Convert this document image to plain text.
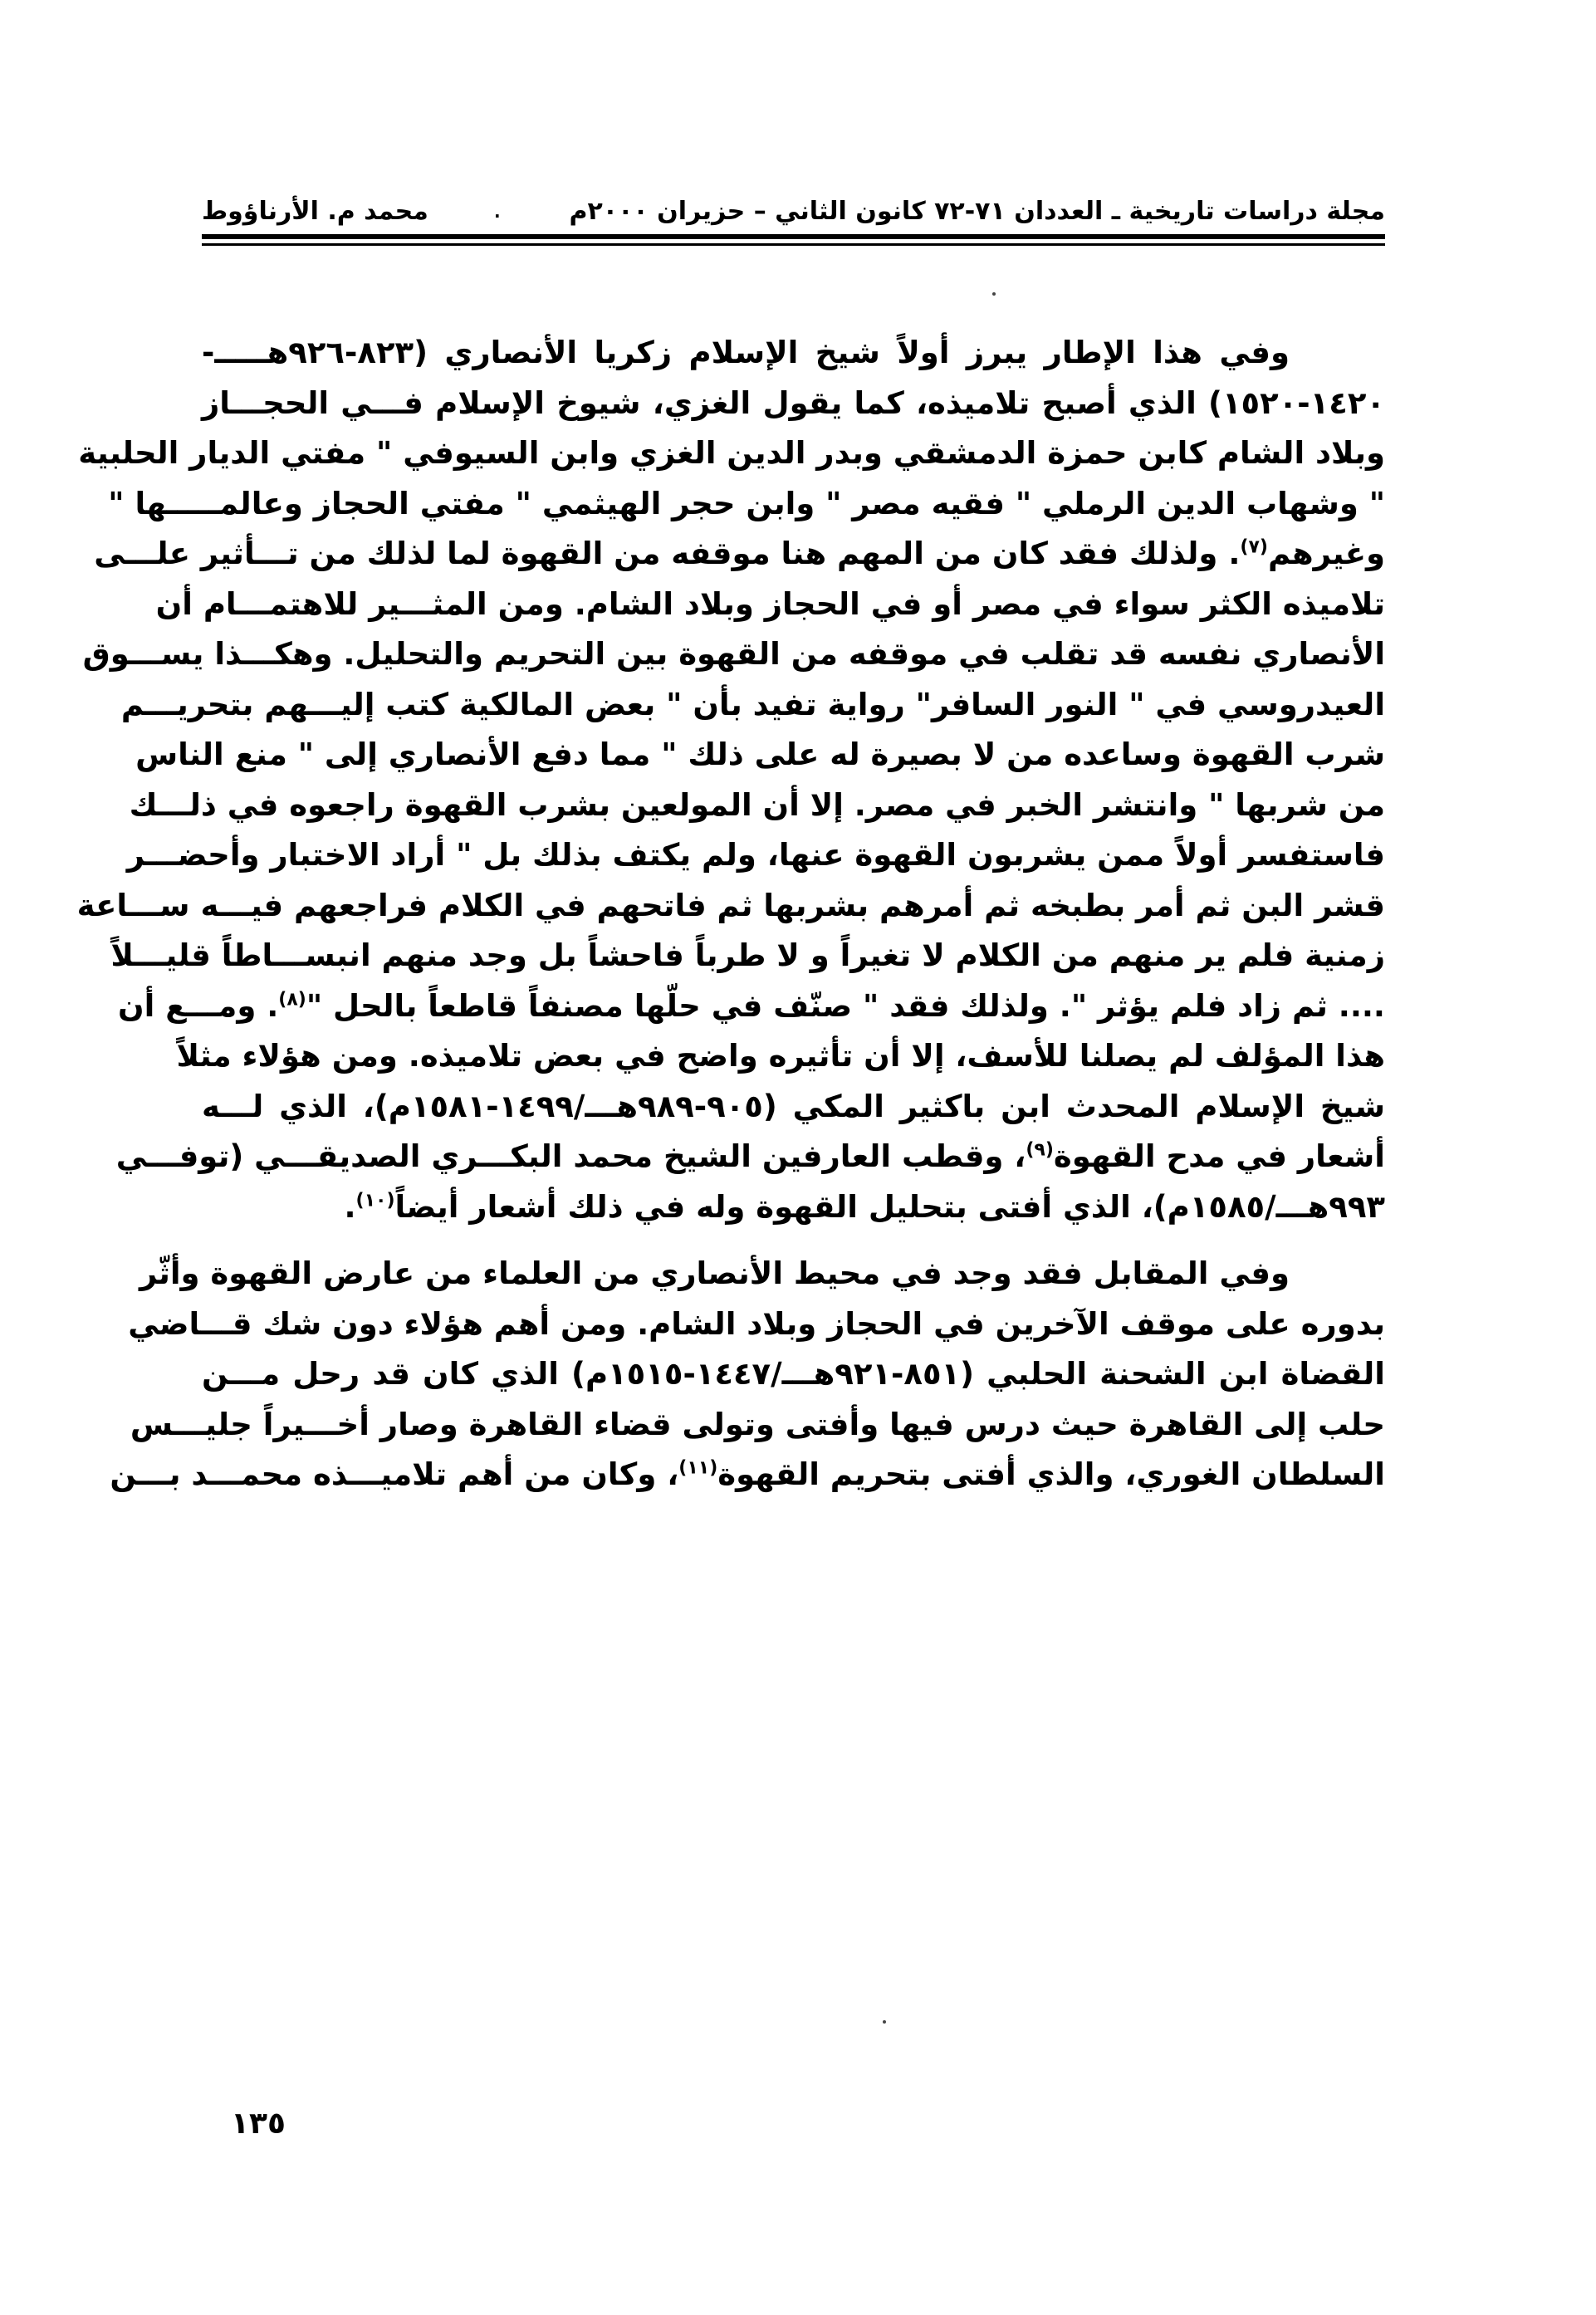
مجلة دراسات تاريخية ـ العددان ٧١-٧٢ كانون الثاني – حزيران ٢٠٠٠م
.
محمد م. الأرناؤوط
وفي هذا الإطار يبرز أولاً شيخ الإسلام زكريا الأنصاري (٨٢٣-٩٢٦هـــــ-
١٤٢٠-١٥٢٠) الذي أصبح تلاميذه، كما يقول الغزي، شيوخ الإسلام فـــي الحجـــاز
وبلاد الشام كابن حمزة الدمشقي وبدر الدين الغزي وابن السيوفي " مفتي الديار الحلبية
" وشهاب الدين الرملي " فقيه مصر " وابن حجر الهيثمي " مفتي الحجاز وعالمـــــها "
وغيرهم$^{(٧)}$. ولذلك فقد كان من المهم هنا موقفه من القهوة لما لذلك من تـــأثير علـــى
تلاميذه الكثر سواء في مصر أو في الحجاز وبلاد الشام. ومن المثـــير للاهتمـــام أن
الأنصاري نفسه قد تقلب في موقفه من القهوة بين التحريم والتحليل. وهكـــذا يســـوق
العيدروسي في " النور السافر" رواية تفيد بأن " بعض المالكية كتب إليـــهم بتحريـــم
شرب القهوة وساعده من لا بصيرة له على ذلك " مما دفع الأنصاري إلى " منع الناس
من شربها " وانتشر الخبر في مصر. إلا أن المولعين بشرب القهوة راجعوه في ذلـــك
فاستفسر أولاً ممن يشربون القهوة عنها، ولم يكتف بذلك بل " أراد الاختبار وأحضـــر
قشر البن ثم أمر بطبخه ثم أمرهم بشربها ثم فاتحهم في الكلام فراجعهم فيـــه ســـاعة
زمنية فلم ير منهم من الكلام لا تغيراً و لا طرباً فاحشاً بل وجد منهم انبســـاطاً قليـــلاً
.... ثم زاد فلم يؤثر ". ولذلك فقد " صنّف في حلّها مصنفاً قاطعاً بالحل "$^{(٨)}$. ومـــع أن
هذا المؤلف لم يصلنا للأسف، إلا أن تأثيره واضح في بعض تلاميذه. ومن هؤلاء مثلاً
شيخ الإسلام المحدث ابن باكثير المكي (٩٠٥-٩٨٩هـــ/١٤٩٩-١٥٨١م)، الذي لـــه
أشعار في مدح القهوة$^{(٩)}$، وقطب العارفين الشيخ محمد البكـــري الصديقـــي (توفـــي
٩٩٣هـــ/١٥٨٥م)، الذي أفتى بتحليل القهوة وله في ذلك أشعار أيضاً$^{(١٠)}$.
وفي المقابل فقد وجد في محيط الأنصاري من العلماء من عارض القهوة وأثّر
بدوره على موقف الآخرين في الحجاز وبلاد الشام. ومن أهم هؤلاء دون شك قـــاضي
القضاة ابن الشحنة الحلبي (٨٥١-٩٢١هـــ/١٤٤٧-١٥١٥م) الذي كان قد رحل مـــن
حلب إلى القاهرة حيث درس فيها وأفتى وتولى قضاء القاهرة وصار أخـــيراً جليـــس
السلطان الغوري، والذي أفتى بتحريم القهوة$^{(١١)}$، وكان من أهم تلاميـــذه محمـــد بـــن
١٣٥
